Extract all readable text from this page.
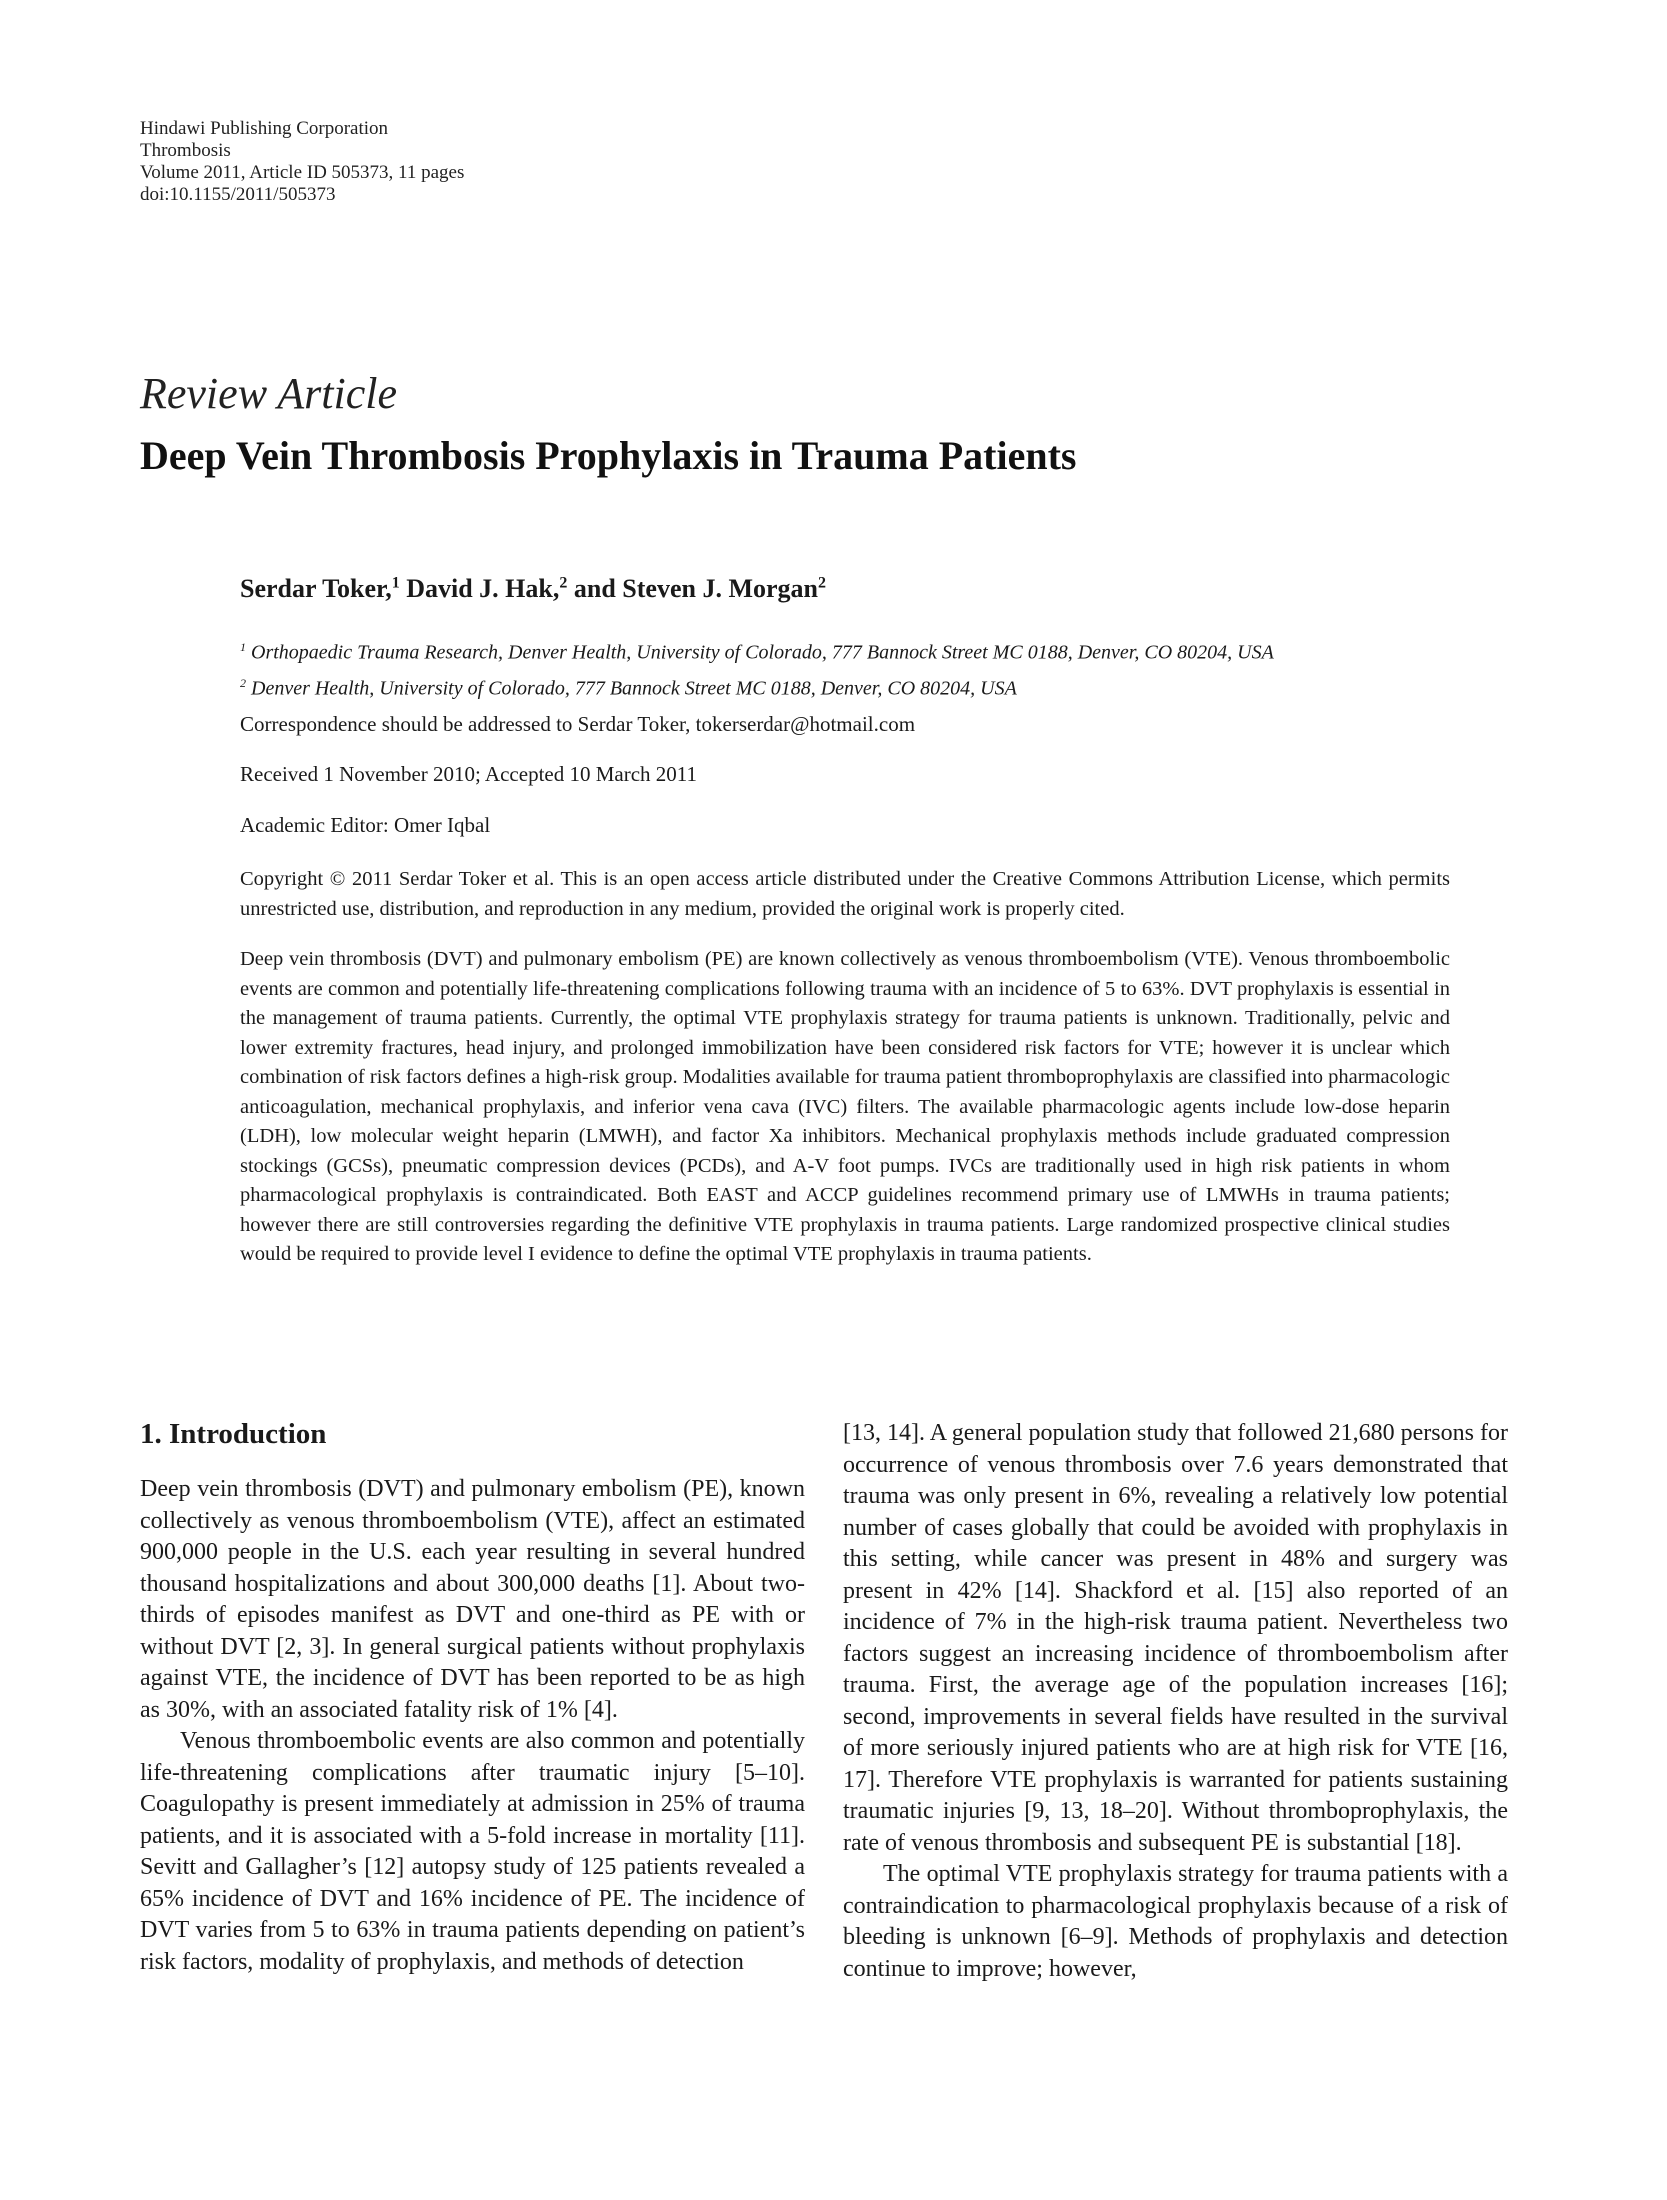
Hindawi Publishing Corporation
Thrombosis
Volume 2011, Article ID 505373, 11 pages
doi:10.1155/2011/505373
Review Article
Deep Vein Thrombosis Prophylaxis in Trauma Patients
Serdar Toker,$^1$ David J. Hak,$^2$ and Steven J. Morgan$^2$
$^1$ Orthopaedic Trauma Research, Denver Health, University of Colorado, 777 Bannock Street MC 0188, Denver, CO 80204, USA
$^2$ Denver Health, University of Colorado, 777 Bannock Street MC 0188, Denver, CO 80204, USA
Correspondence should be addressed to Serdar Toker, tokerserdar@hotmail.com
Received 1 November 2010; Accepted 10 March 2011
Academic Editor: Omer Iqbal
Copyright © 2011 Serdar Toker et al. This is an open access article distributed under the Creative Commons Attribution License, which permits unrestricted use, distribution, and reproduction in any medium, provided the original work is properly cited.
Deep vein thrombosis (DVT) and pulmonary embolism (PE) are known collectively as venous thromboembolism (VTE). Venous thromboembolic events are common and potentially life-threatening complications following trauma with an incidence of 5 to 63%. DVT prophylaxis is essential in the management of trauma patients. Currently, the optimal VTE prophylaxis strategy for trauma patients is unknown. Traditionally, pelvic and lower extremity fractures, head injury, and prolonged immobilization have been considered risk factors for VTE; however it is unclear which combination of risk factors defines a high-risk group. Modalities available for trauma patient thromboprophylaxis are classified into pharmacologic anticoagulation, mechanical prophylaxis, and inferior vena cava (IVC) filters. The available pharmacologic agents include low-dose heparin (LDH), low molecular weight heparin (LMWH), and factor Xa inhibitors. Mechanical prophylaxis methods include graduated compression stockings (GCSs), pneumatic compression devices (PCDs), and A-V foot pumps. IVCs are traditionally used in high risk patients in whom pharmacological prophylaxis is contraindicated. Both EAST and ACCP guidelines recommend primary use of LMWHs in trauma patients; however there are still controversies regarding the definitive VTE prophylaxis in trauma patients. Large randomized prospective clinical studies would be required to provide level I evidence to define the optimal VTE prophylaxis in trauma patients.
1. Introduction

Deep vein thrombosis (DVT) and pulmonary embolism (PE), known collectively as venous thromboembolism (VTE), affect an estimated 900,000 people in the U.S. each year resulting in several hundred thousand hospitalizations and about 300,000 deaths [1]. About two-thirds of episodes manifest as DVT and one-third as PE with or without DVT [2, 3]. In general surgical patients without prophylaxis against VTE, the incidence of DVT has been reported to be as high as 30%, with an associated fatality risk of 1% [4].

Venous thromboembolic events are also common and potentially life-threatening complications after traumatic injury [5–10]. Coagulopathy is present immediately at admission in 25% of trauma patients, and it is associated with a 5-fold increase in mortality [11]. Sevitt and Gallagher’s [12] autopsy study of 125 patients revealed a 65% incidence of DVT and 16% incidence of PE. The incidence of DVT varies from 5 to 63% in trauma patients depending on patient’s risk factors, modality of prophylaxis, and methods of detection

[13, 14]. A general population study that followed 21,680 persons for occurrence of venous thrombosis over 7.6 years demonstrated that trauma was only present in 6%, revealing a relatively low potential number of cases globally that could be avoided with prophylaxis in this setting, while cancer was present in 48% and surgery was present in 42% [14]. Shackford et al. [15] also reported of an incidence of 7% in the high-risk trauma patient. Nevertheless two factors suggest an increasing incidence of thromboembolism after trauma. First, the average age of the population increases [16]; second, improvements in several fields have resulted in the survival of more seriously injured patients who are at high risk for VTE [16, 17]. Therefore VTE prophylaxis is warranted for patients sustaining traumatic injuries [9, 13, 18–20]. Without thromboprophylaxis, the rate of venous thrombosis and subsequent PE is substantial [18].

The optimal VTE prophylaxis strategy for trauma patients with a contraindication to pharmacological prophylaxis because of a risk of bleeding is unknown [6–9]. Methods of prophylaxis and detection continue to improve; however,
